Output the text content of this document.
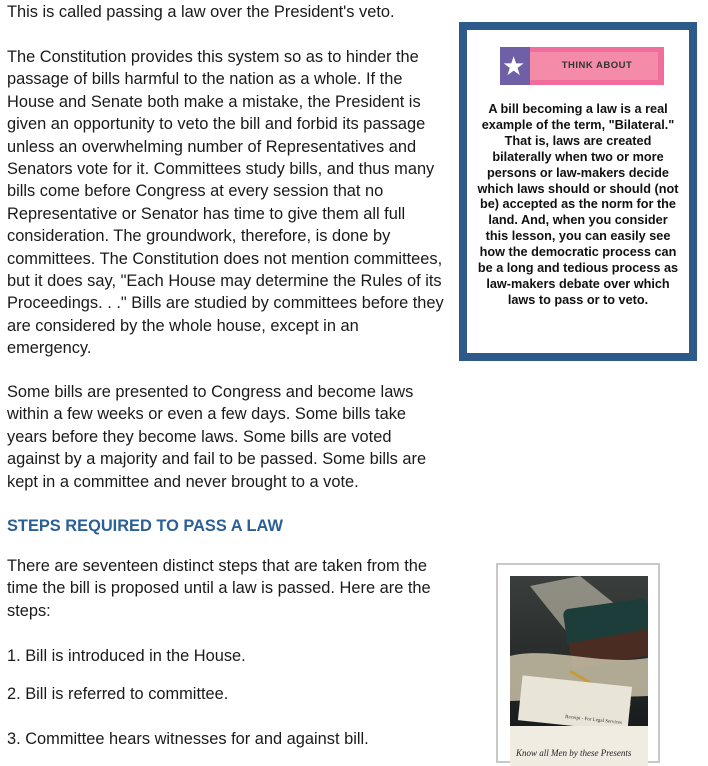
This is called passing a law over the President's veto.

The Constitution provides this system so as to hinder the passage of bills harmful to the nation as a whole. If the House and Senate both make a mistake, the President is given an opportunity to veto the bill and forbid its passage unless an overwhelming number of Representatives and Senators vote for it. Committees study bills, and thus many bills come before Congress at every session that no Representative or Senator has time to give them all full consideration. The groundwork, therefore, is done by committees. The Constitution does not mention committees, but it does say, "Each House may determine the Rules of its Proceedings. . ." Bills are studied by committees before they are considered by the whole house, except in an emergency.

Some bills are presented to Congress and become laws within a few weeks or even a few days. Some bills take years before they become laws. Some bills are voted against by a majority and fail to be passed. Some bills are kept in a committee and never brought to a vote.

STEPS REQUIRED TO PASS A LAW

There are seventeen distinct steps that are taken from the time the bill is proposed until a law is passed. Here are the steps:

1. Bill is introduced in the House.

2. Bill is referred to committee.

3. Committee hears witnesses for and against bill.

★	THINK ABOUT
A bill becoming a law is a real example of the term, "Bilateral." That is, laws are created bilaterally when two or more persons or law-makers decide which laws should or should (not be) accepted as the norm for the land. And, when you consider this lesson, you can easily see how the democratic process can be a long and tedious process as law-makers debate over which laws to pass or to veto.
Know all Men by these Presents
Receipt - For Legal Services
